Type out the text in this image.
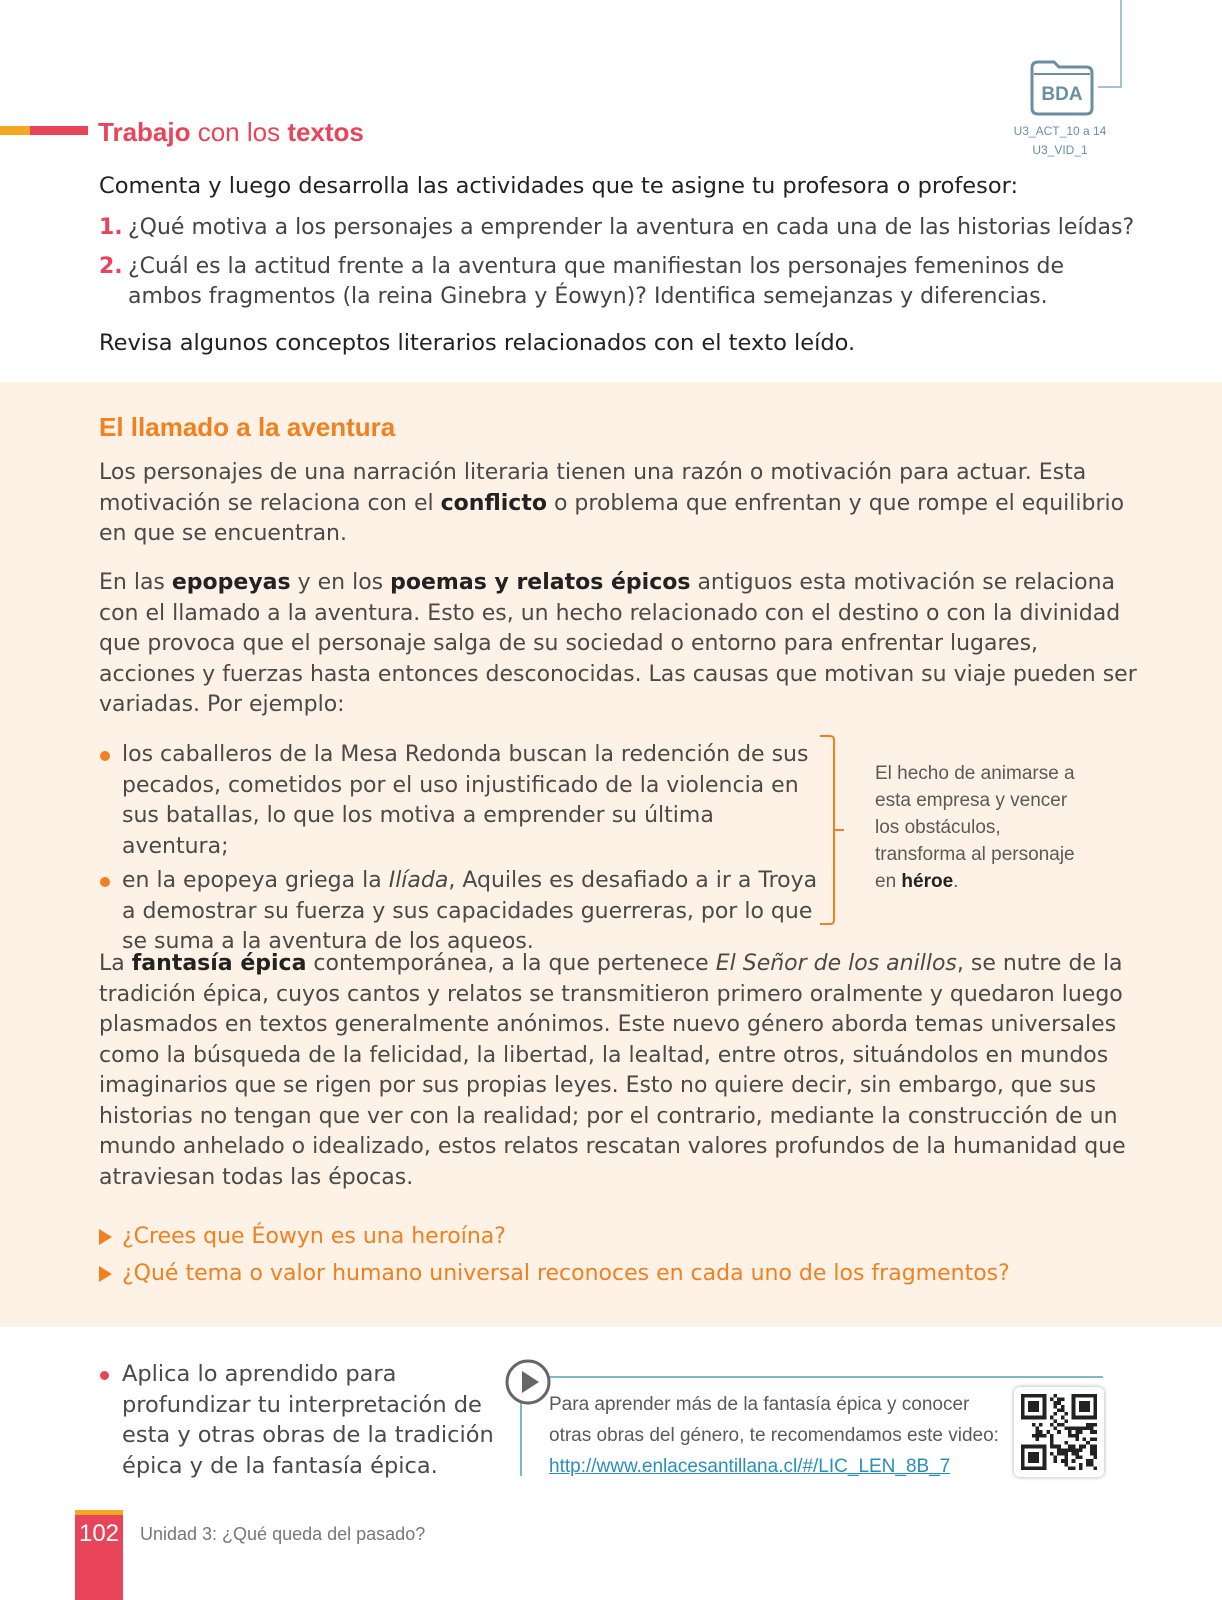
Trabajo con los textos
BDA
U3_ACT_10 a 14
U3_VID_1
Comenta y luego desarrolla las actividades que te asigne tu profesora o profesor:
1. ¿Qué motiva a los personajes a emprender la aventura en cada una de las historias leídas?
2. ¿Cuál es la actitud frente a la aventura que manifiestan los personajes femeninos de ambos fragmentos (la reina Ginebra y Éowyn)? Identifica semejanzas y diferencias.
Revisa algunos conceptos literarios relacionados con el texto leído.
El llamado a la aventura

Los personajes de una narración literaria tienen una razón o motivación para actuar. Esta motivación se relaciona con el conflicto o problema que enfrentan y que rompe el equilibrio en que se encuentran.

En las epopeyas y en los poemas y relatos épicos antiguos esta motivación se relaciona con el llamado a la aventura. Esto es, un hecho relacionado con el destino o con la divinidad que provoca que el personaje salga de su sociedad o entorno para enfrentar lugares, acciones y fuerzas hasta entonces desconocidas. Las causas que motivan su viaje pueden ser variadas. Por ejemplo:

los caballeros de la Mesa Redonda buscan la redención de sus pecados, cometidos por el uso injustificado de la violencia en sus batallas, lo que los motiva a emprender su última aventura;
en la epopeya griega la Ilíada, Aquiles es desafiado a ir a Troya a demostrar su fuerza y sus capacidades guerreras, por lo que se suma a la aventura de los aqueos.
El hecho de animarse a esta empresa y vencer los obstáculos, transforma al personaje en héroe.

La fantasía épica contemporánea, a la que pertenece El Señor de los anillos, se nutre de la tradición épica, cuyos cantos y relatos se transmitieron primero oralmente y quedaron luego plasmados en textos generalmente anónimos. Este nuevo género aborda temas universales como la búsqueda de la felicidad, la libertad, la lealtad, entre otros, situándolos en mundos imaginarios que se rigen por sus propias leyes. Esto no quiere decir, sin embargo, que sus historias no tengan que ver con la realidad; por el contrario, mediante la construcción de un mundo anhelado o idealizado, estos relatos rescatan valores profundos de la humanidad que atraviesan todas las épocas.

¿Crees que Éowyn es una heroína?
¿Qué tema o valor humano universal reconoces en cada uno de los fragmentos?
Aplica lo aprendido para profundizar tu interpretación de esta y otras obras de la tradición épica y de la fantasía épica.
Para aprender más de la fantasía épica y conocer otras obras del género, te recomendamos este video:
http://www.enlacesantillana.cl/#/LIC_LEN_8B_7
102 Unidad 3: ¿Qué queda del pasado?
